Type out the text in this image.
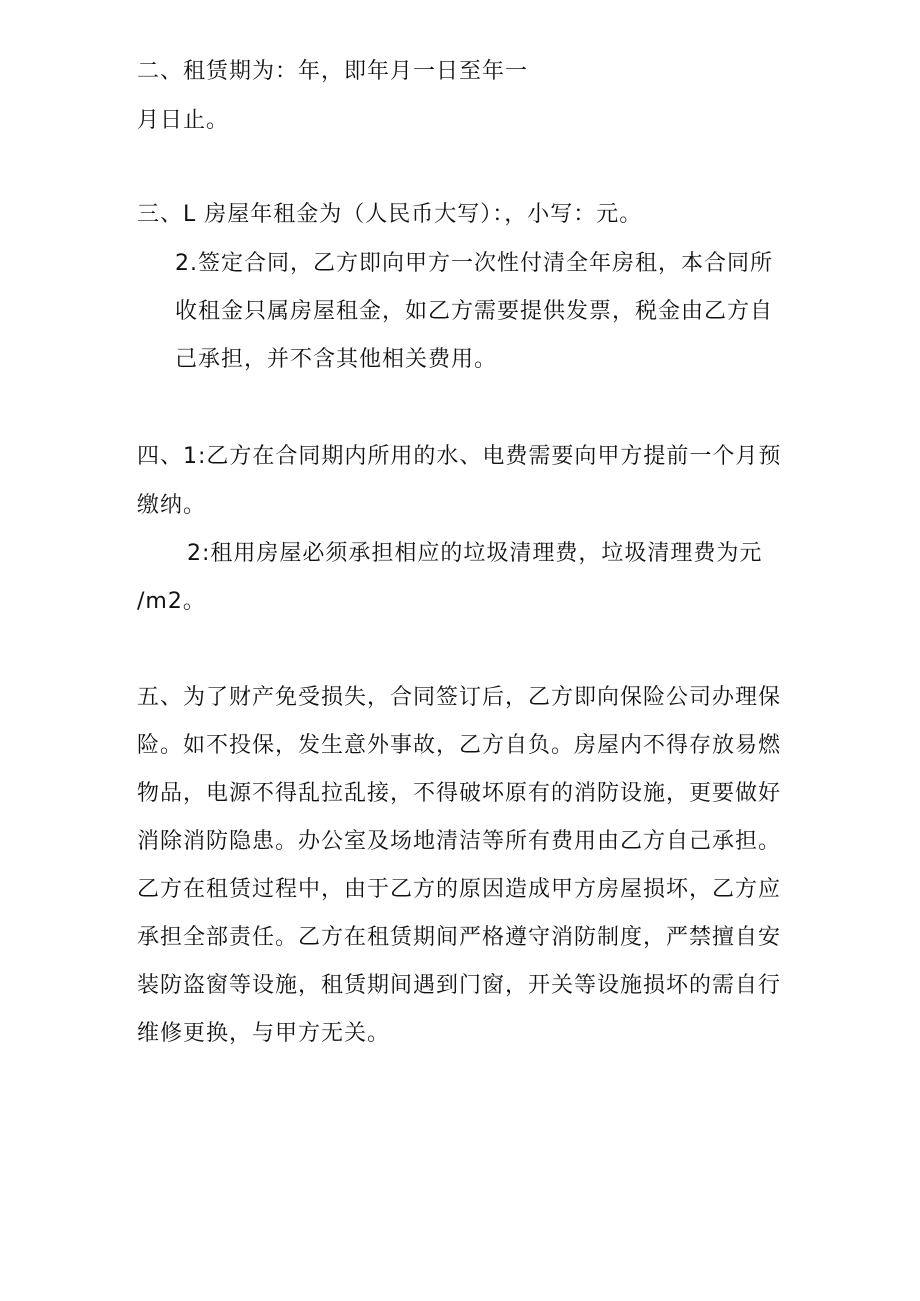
二、租赁期为：年，即年月一日至年一
月日止。
三、L 房屋年租金为（人民币大写）：，小写：元。
2.签定合同，乙方即向甲方一次性付清全年房租，本合同所
收租金只属房屋租金，如乙方需要提供发票，税金由乙方自
己承担，并不含其他相关费用。
四、1:乙方在合同期内所用的水、电费需要向甲方提前一个月预
缴纳。
2:租用房屋必须承担相应的垃圾清理费，垃圾清理费为元
/m2。
五、为了财产免受损失，合同签订后，乙方即向保险公司办理保
险。如不投保，发生意外事故，乙方自负。房屋内不得存放易燃
物品，电源不得乱拉乱接，不得破坏原有的消防设施，更要做好
消除消防隐患。办公室及场地清洁等所有费用由乙方自己承担。
乙方在租赁过程中，由于乙方的原因造成甲方房屋损坏，乙方应
承担全部责任。乙方在租赁期间严格遵守消防制度，严禁擅自安
装防盗窗等设施，租赁期间遇到门窗，开关等设施损坏的需自行
维修更换，与甲方无关。
